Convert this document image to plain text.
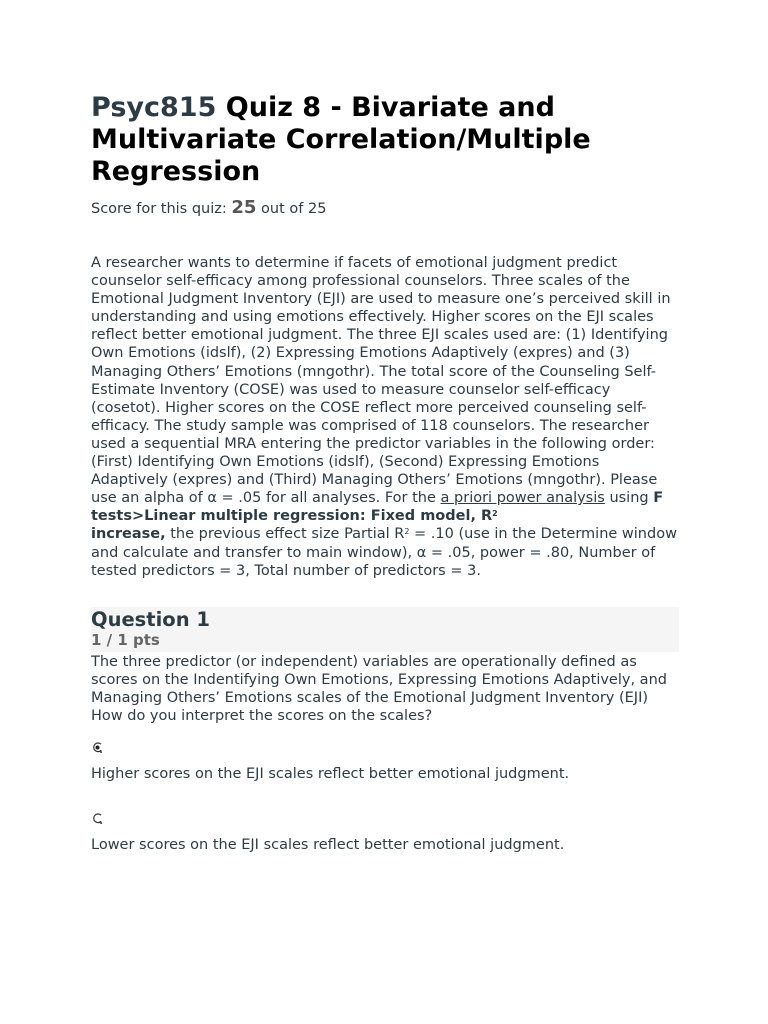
Psyc815 Quiz 8 - Bivariate and Multivariate Correlation/Multiple Regression
Score for this quiz: 25 out of 25
A researcher wants to determine if facets of emotional judgment predict counselor self-efficacy among professional counselors. Three scales of the Emotional Judgment Inventory (EJI) are used to measure one’s perceived skill in understanding and using emotions effectively. Higher scores on the EJI scales reflect better emotional judgment. The three EJI scales used are: (1) Identifying Own Emotions (idslf), (2) Expressing Emotions Adaptively (expres) and (3) Managing Others’ Emotions (mngothr). The total score of the Counseling Self-Estimate Inventory (COSE) was used to measure counselor self-efficacy (cosetot). Higher scores on the COSE reflect more perceived counseling self-efficacy. The study sample was comprised of 118 counselors. The researcher used a sequential MRA entering the predictor variables in the following order: (First) Identifying Own Emotions (idslf), (Second) Expressing Emotions Adaptively (expres) and (Third) Managing Others’ Emotions (mngothr). Please use an alpha of α = .05 for all analyses. For the a priori power analysis using F tests>Linear multiple regression: Fixed model, $R^2$
increase, the previous effect size Partial $R^2 = .10$ (use in the Determine window and calculate and transfer to main window), α = .05, power = .80, Number of tested predictors = 3, Total number of predictors = 3.
Question 1
1 / 1 pts
The three predictor (or independent) variables are operationally defined as scores on the Indentifying Own Emotions, Expressing Emotions Adaptively, and Managing Others’ Emotions scales of the Emotional Judgment Inventory (EJI) How do you interpret the scores on the scales?
Higher scores on the EJI scales reflect better emotional judgment.
Lower scores on the EJI scales reflect better emotional judgment.
